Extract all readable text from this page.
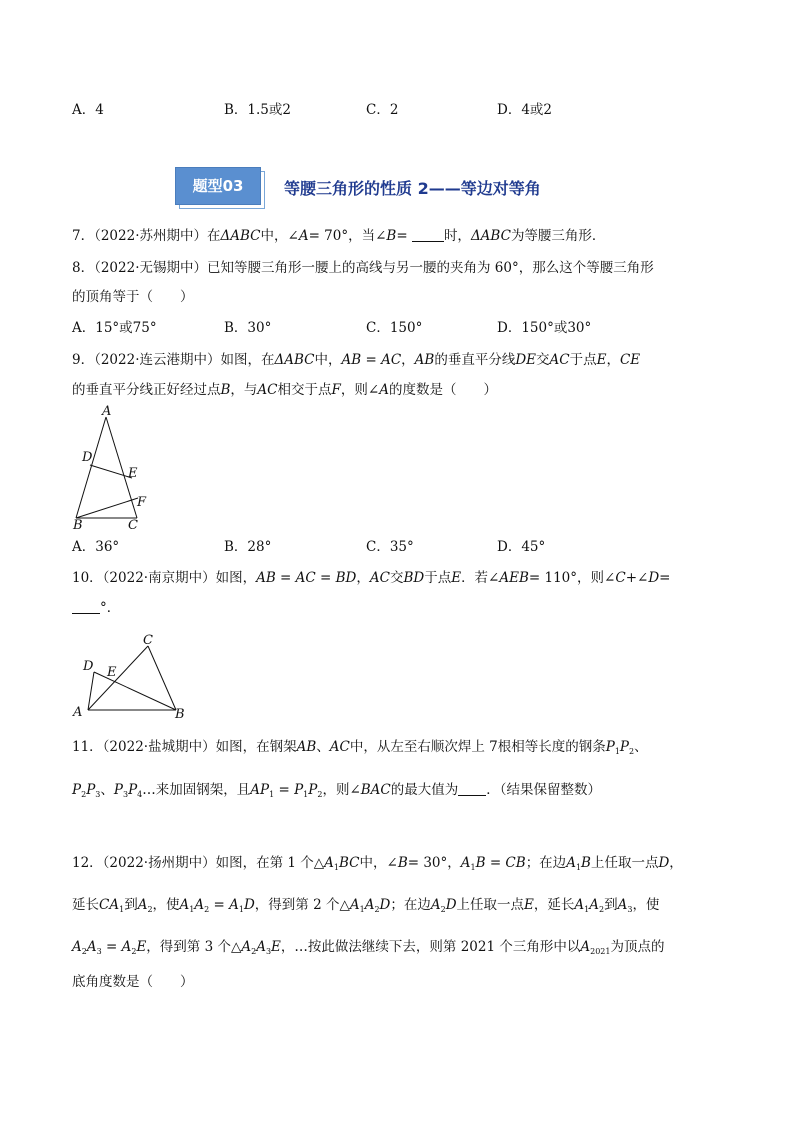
A．4	B．1.5或2	C．2	D．4或2
题型03	等腰三角形的性质 2——等边对等角
7．（2022·苏州期中）在ΔABC中，∠A= 70°，当∠B=	时，ΔABC为等腰三角形．
8．（2022·无锡期中）已知等腰三角形一腰上的高线与另一腰的夹角为 60°，那么这个等腰三角形
的顶角等于（　　）
A．15°或75°	B．30°	C．150°	D．150°或30°
9．（2022·连云港期中）如图，在ΔABC中，AB = AC，AB的垂直平分线DE交AC于点E，CE
的垂直平分线正好经过点B，与AC相交于点F，则∠A的度数是（　　）
A
D
E
F
B	C
A．36°	B．28°	C．35°	D．45°
10．（2022·南京期中）如图，AB = AC = BD，AC交BD于点E．若∠AEB= 110°，则∠C+∠D=
°．
C
D E
A	B
11．（2022·盐城期中）如图，在钢架AB、AC中，从左至右顺次焊上 7根相等长度的钢条$P_1P_2$、
$P_2P_3$、$P_3P_4\dots$来加固钢架，且$AP_1 = P_1P_2$，则∠BAC的最大值为 ．（结果保留整数）
12．（2022·扬州期中）如图，在第 1 个$\triangle A_1BC$中，∠B= 30°，$A_1B$ = CB；在边$A_1B$上任取一点D，
延长$CA_1$到$A_2$，使$A_1A_2 = A_1D$，得到第 2 个$\triangle A_1A_2D$；在边$A_2D$上任取一点E，延长$A_1A_2$到$A_3$，使
$A_2A_3 = A_2E$，得到第 3 个$\triangle A_2A_3E$，…按此做法继续下去，则第 2021 个三角形中以$A_{2021}$为顶点的
底角度数是（　　）
